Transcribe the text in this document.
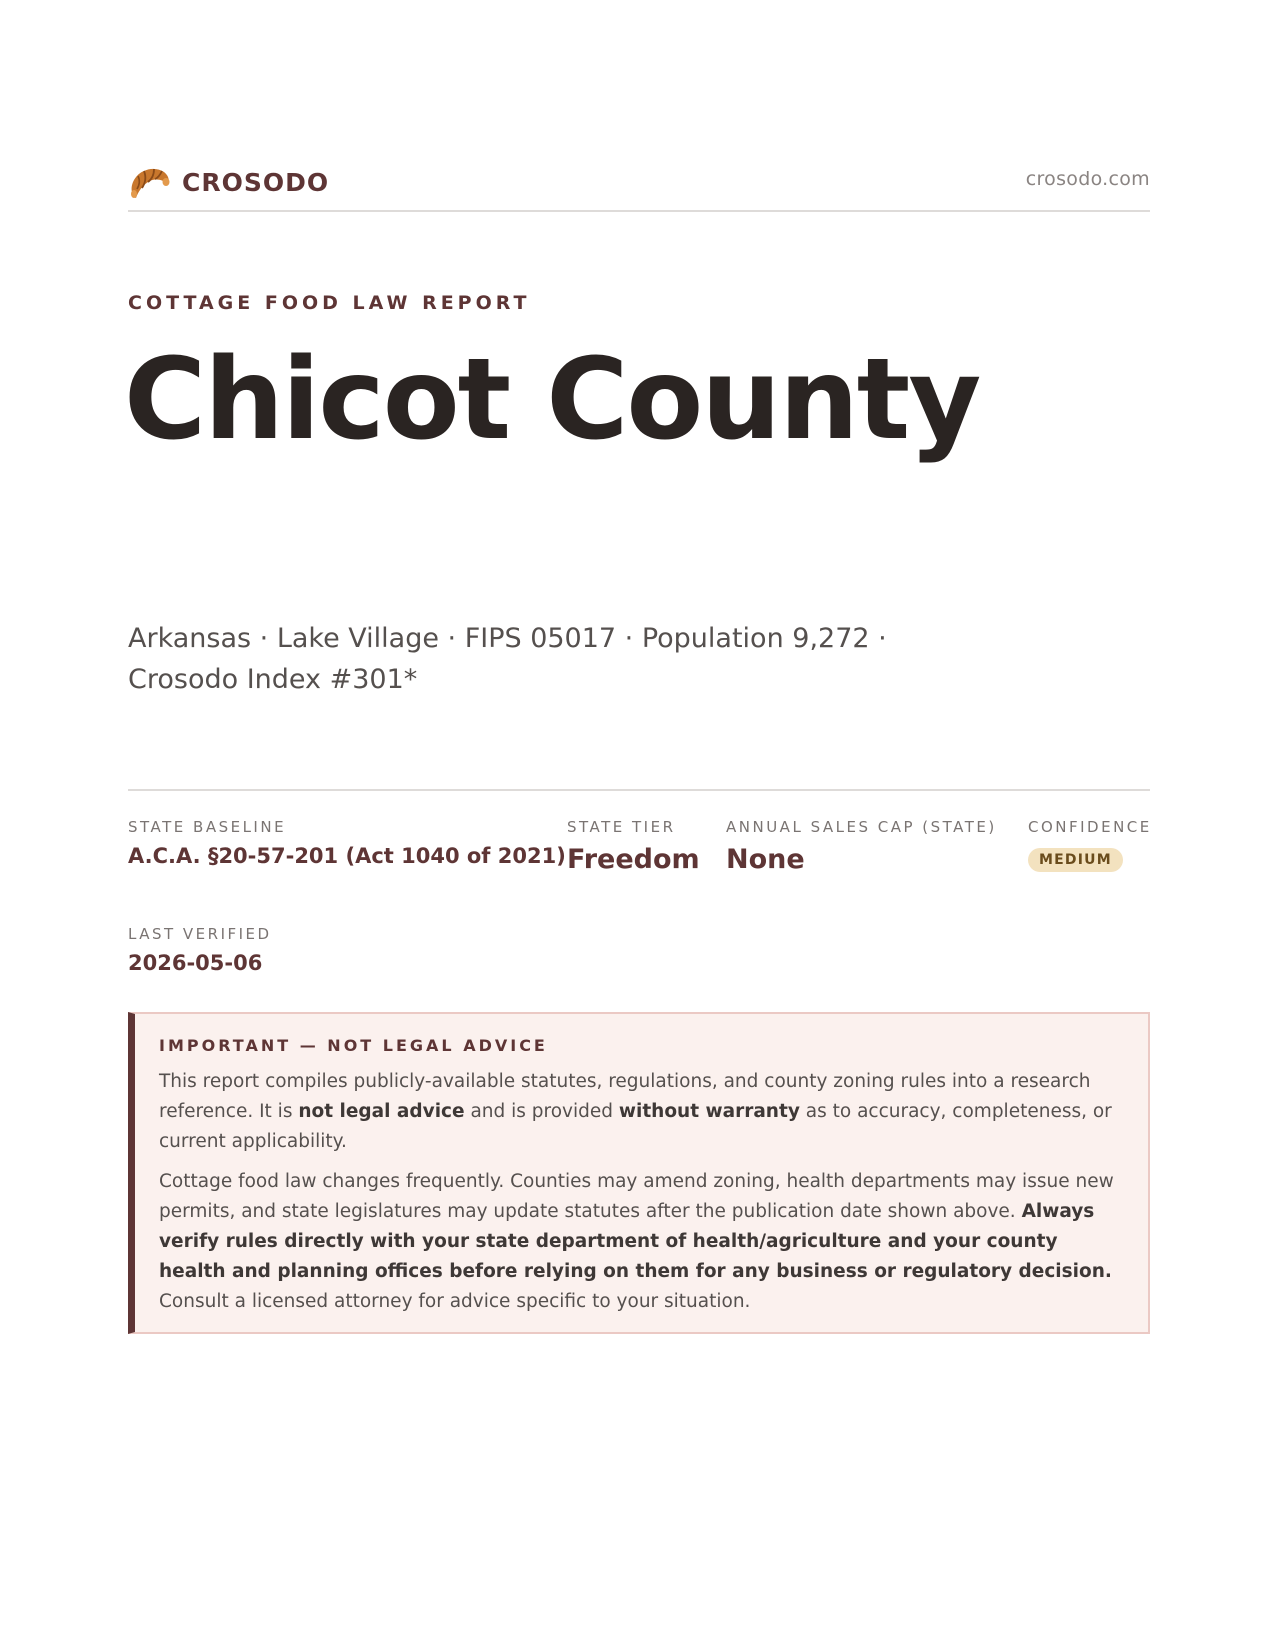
CROSODO	crosodo.com
COTTAGE FOOD LAW REPORT
Chicot County
Arkansas · Lake Village · FIPS 05017 · Population 9,272 · Crosodo Index #301*
STATE BASELINE
A.C.A. §20-57-201 (Act 1040 of 2021)
STATE TIER
Freedom
ANNUAL SALES CAP (STATE)
None
CONFIDENCE
MEDIUM
LAST VERIFIED
2026-05-06
IMPORTANT — NOT LEGAL ADVICE

This report compiles publicly-available statutes, regulations, and county zoning rules into a research reference. It is not legal advice and is provided without warranty as to accuracy, completeness, or current applicability.

Cottage food law changes frequently. Counties may amend zoning, health departments may issue new permits, and state legislatures may update statutes after the publication date shown above. Always verify rules directly with your state department of health/agriculture and your county health and planning offices before relying on them for any business or regulatory decision. Consult a licensed attorney for advice specific to your situation.
